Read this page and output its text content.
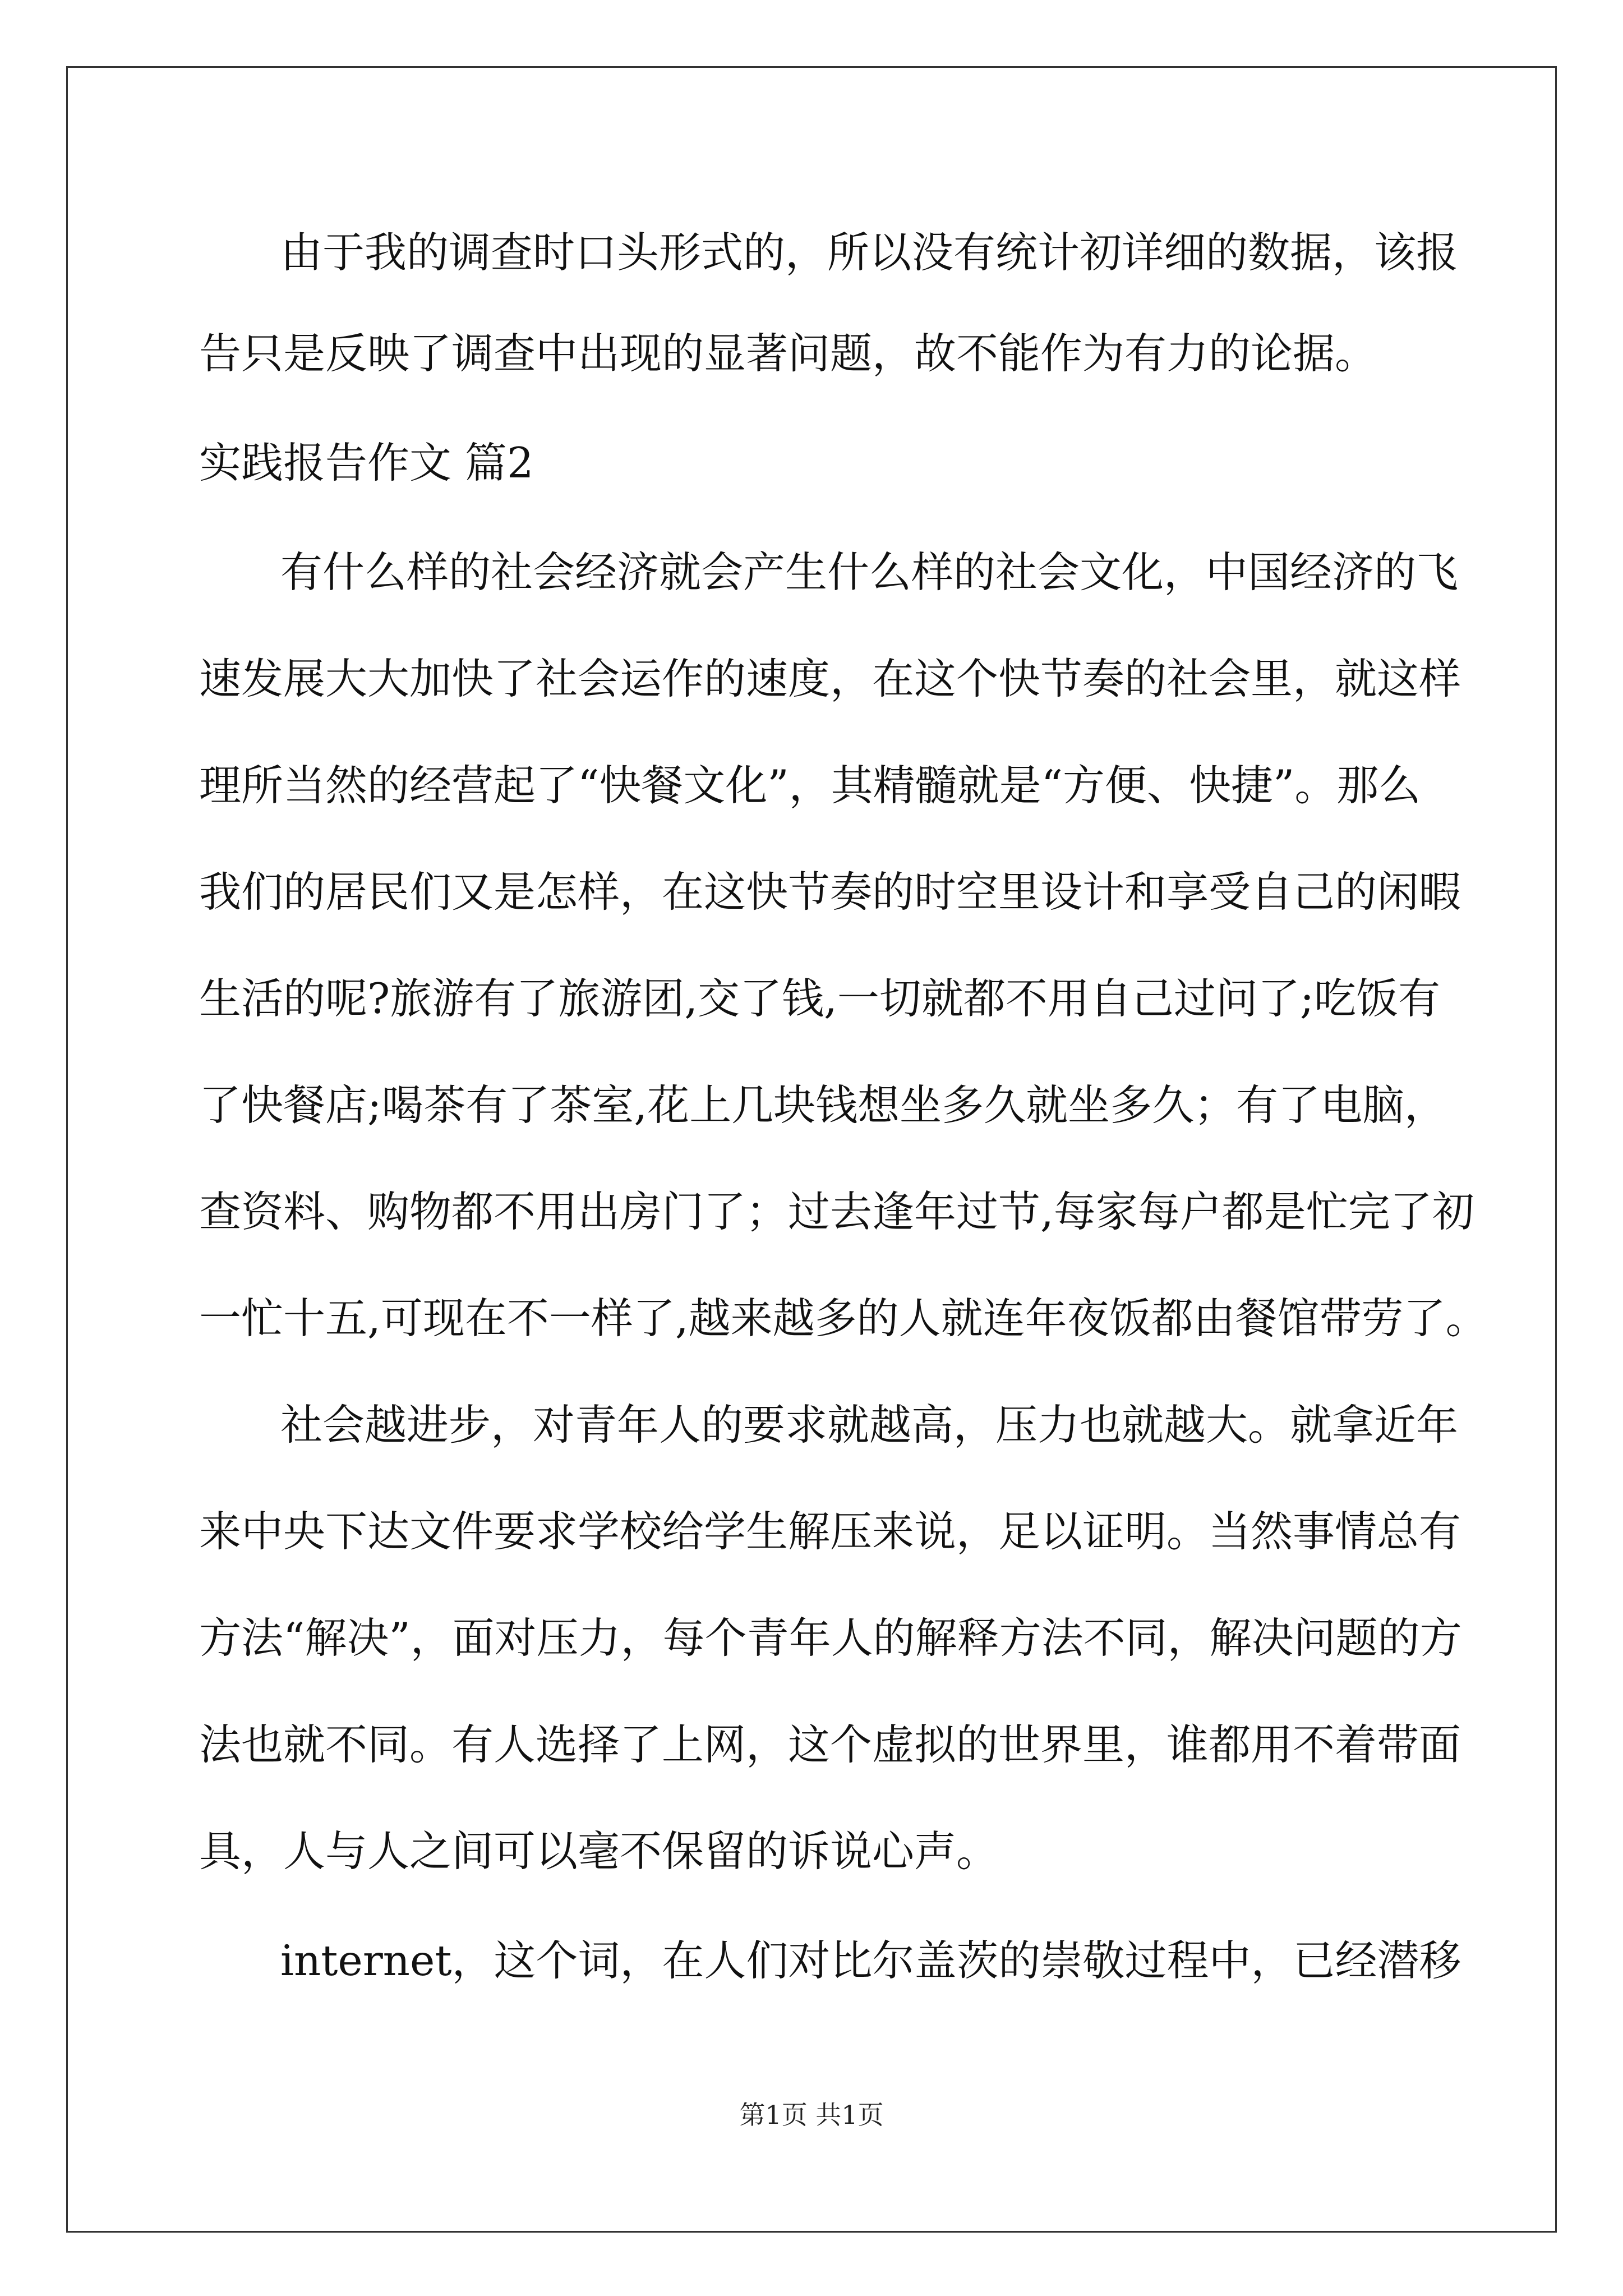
由于我的调查时口头形式的，所以没有统计初详细的数据，该报
告只是反映了调查中出现的显著问题，故不能作为有力的论据。
实践报告作文 篇2
有什么样的社会经济就会产生什么样的社会文化，中国经济的飞
速发展大大加快了社会运作的速度，在这个快节奏的社会里，就这样
理所当然的经营起了“快餐文化”，其精髓就是“方便、快捷”。那么
我们的居民们又是怎样，在这快节奏的时空里设计和享受自己的闲暇
生活的呢?旅游有了旅游团,交了钱,一切就都不用自己过问了;吃饭有
了快餐店;喝茶有了茶室,花上几块钱想坐多久就坐多久；有了电脑，
查资料、购物都不用出房门了；过去逢年过节,每家每户都是忙完了初
一忙十五,可现在不一样了,越来越多的人就连年夜饭都由餐馆带劳了。
社会越进步，对青年人的要求就越高，压力也就越大。就拿近年
来中央下达文件要求学校给学生解压来说，足以证明。当然事情总有
方法“解决”，面对压力，每个青年人的解释方法不同，解决问题的方
法也就不同。有人选择了上网，这个虚拟的世界里，谁都用不着带面
具，人与人之间可以毫不保留的诉说心声。
internet，这个词，在人们对比尔盖茨的崇敬过程中，已经潜移
第1页 共1页
